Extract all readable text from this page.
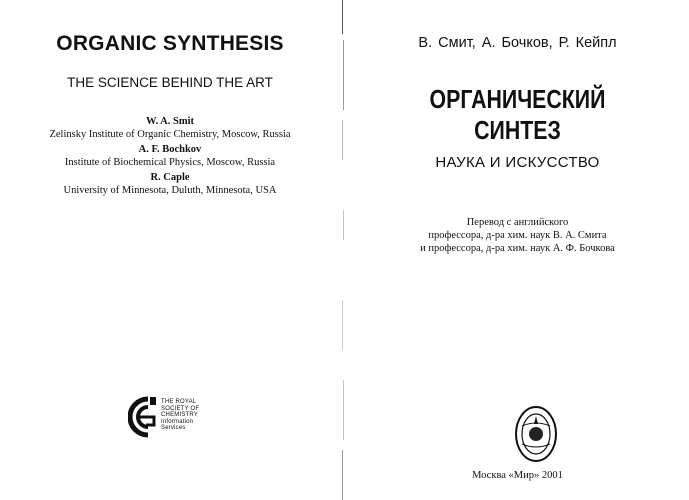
ORGANIC SYNTHESIS
THE SCIENCE BEHIND THE ART
W. A. Smit
Zelinsky Institute of Organic Chemistry, Moscow, Russia
A. F. Bochkov
Institute of Biochemical Physics, Moscow, Russia
R. Caple
University of Minnesota, Duluth, Minnesota, USA
THE ROYAL
SOCIETY OF
CHEMISTRY
Information
Services
В. Смит, А. Бочков, Р. Кейпл
ОРГАНИЧЕСКИЙ
СИНТЕЗ
НАУКА И ИСКУССТВО
Перевод с английского
профессора, д-ра хим. наук В. А. Смита
и профессора, д-ра хим. наук А. Ф. Бочкова
Москва «Мир» 2001
